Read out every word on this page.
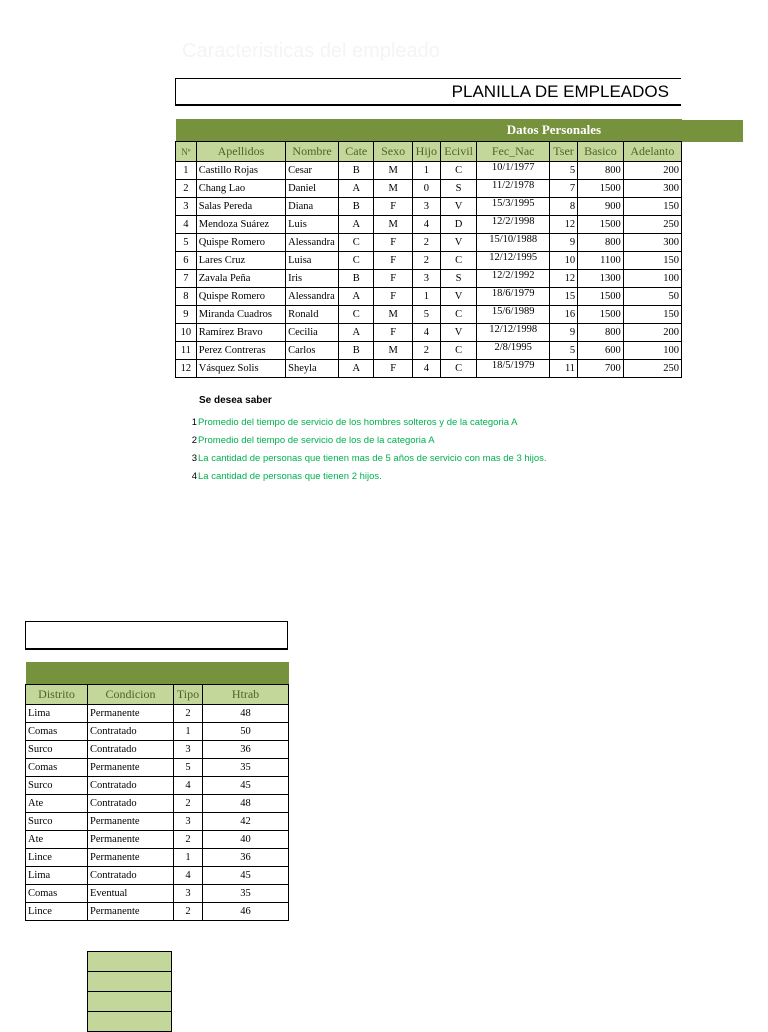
Caracteristicas del empleado
PLANILLA DE EMPLEADOS
							Datos Personales			
Nº	Apellidos	Nombre	Cate	Sexo	Hijo	Ecivil	Fec_Nac	Tser	Basico	Adelanto
1	Castillo Rojas	Cesar	B	M	1	C	10/1/1977	5	800	200
2	Chang Lao	Daniel	A	M	0	S	11/2/1978	7	1500	300
3	Salas Pereda	Diana	B	F	3	V	15/3/1995	8	900	150
4	Mendoza Suárez	Luis	A	M	4	D	12/2/1998	12	1500	250
5	Quispe Romero	Alessandra	C	F	2	V	15/10/1988	9	800	300
6	Lares Cruz	Luisa	C	F	2	C	12/12/1995	10	1100	150
7	Zavala Peña	Iris	B	F	3	S	12/2/1992	12	1300	100
8	Quispe Romero	Alessandra	A	F	1	V	18/6/1979	15	1500	50
9	Miranda Cuadros	Ronald	C	M	5	C	15/6/1989	16	1500	150
10	Ramírez Bravo	Cecilia	A	F	4	V	12/12/1998	9	800	200
11	Perez Contreras	Carlos	B	M	2	C	2/8/1995	5	600	100
12	Vásquez Solis	Sheyla	A	F	4	C	18/5/1979	11	700	250
Se desea saber
1 Promedio del tiempo de servicio de los hombres solteros y de la categoria A
2 Promedio del tiempo de servicio de los de la categoria A
3 La cantidad de personas que tienen mas de 5 años de servicio con mas de 3 hijos.
4 La cantidad de personas que tienen 2 hijos.

Distrito	Condicion	Tipo	Htrab
Lima	Permanente	2	48
Comas	Contratado	1	50
Surco	Contratado	3	36
Comas	Permanente	5	35
Surco	Contratado	4	45
Ate	Contratado	2	48
Surco	Permanente	3	42
Ate	Permanente	2	40
Lince	Permanente	1	36
Lima	Contratado	4	45
Comas	Eventual	3	35
Lince	Permanente	2	46
